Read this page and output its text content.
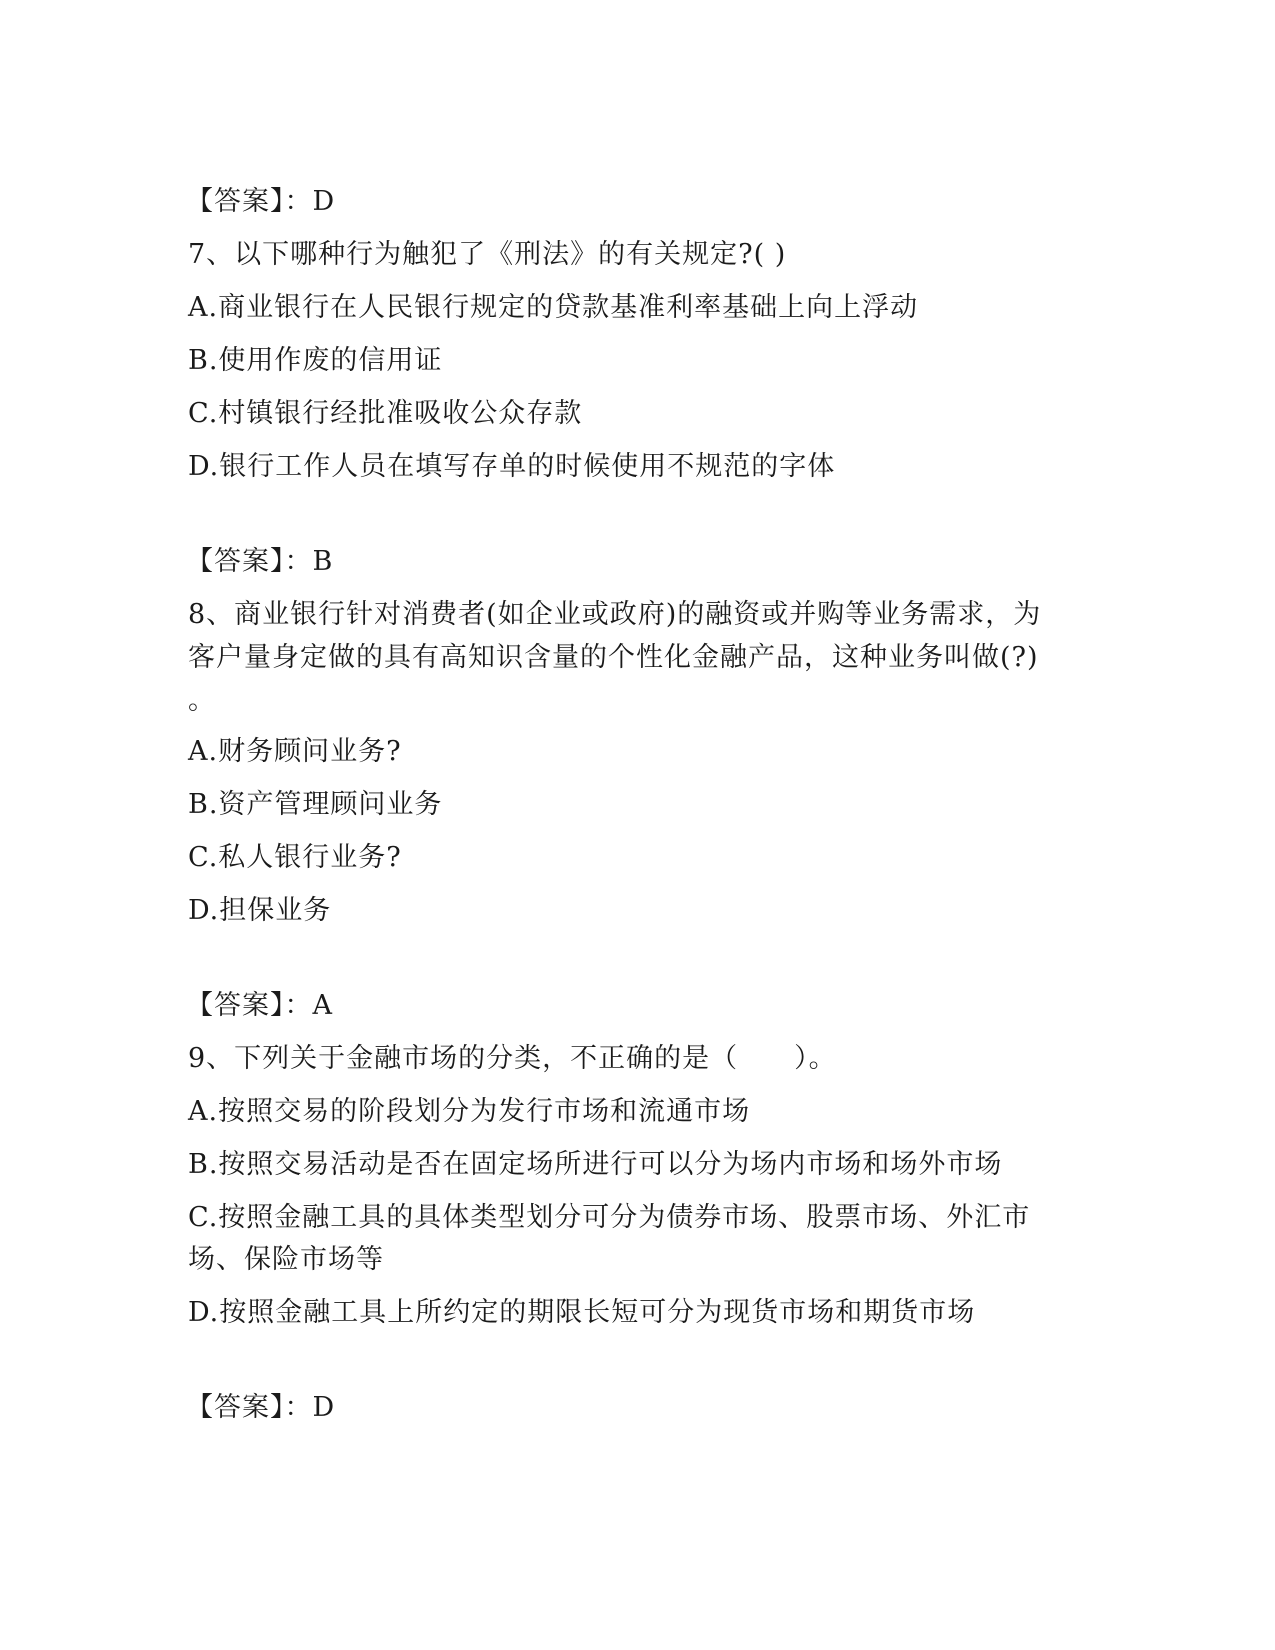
【答案】：D
7、以下哪种行为触犯了《刑法》的有关规定?( )
A.商业银行在人民银行规定的贷款基准利率基础上向上浮动
B.使用作废的信用证
C.村镇银行经批准吸收公众存款
D.银行工作人员在填写存单的时候使用不规范的字体
【答案】：B
8、商业银行针对消费者(如企业或政府)的融资或并购等业务需求，为
客户量身定做的具有高知识含量的个性化金融产品，这种业务叫做(?)
。
A.财务顾问业务?
B.资产管理顾问业务
C.私人银行业务?
D.担保业务
【答案】：A
9、下列关于金融市场的分类，不正确的是（　　）。
A.按照交易的阶段划分为发行市场和流通市场
B.按照交易活动是否在固定场所进行可以分为场内市场和场外市场
C.按照金融工具的具体类型划分可分为债券市场、股票市场、外汇市
场、保险市场等
D.按照金融工具上所约定的期限长短可分为现货市场和期货市场
【答案】：D
